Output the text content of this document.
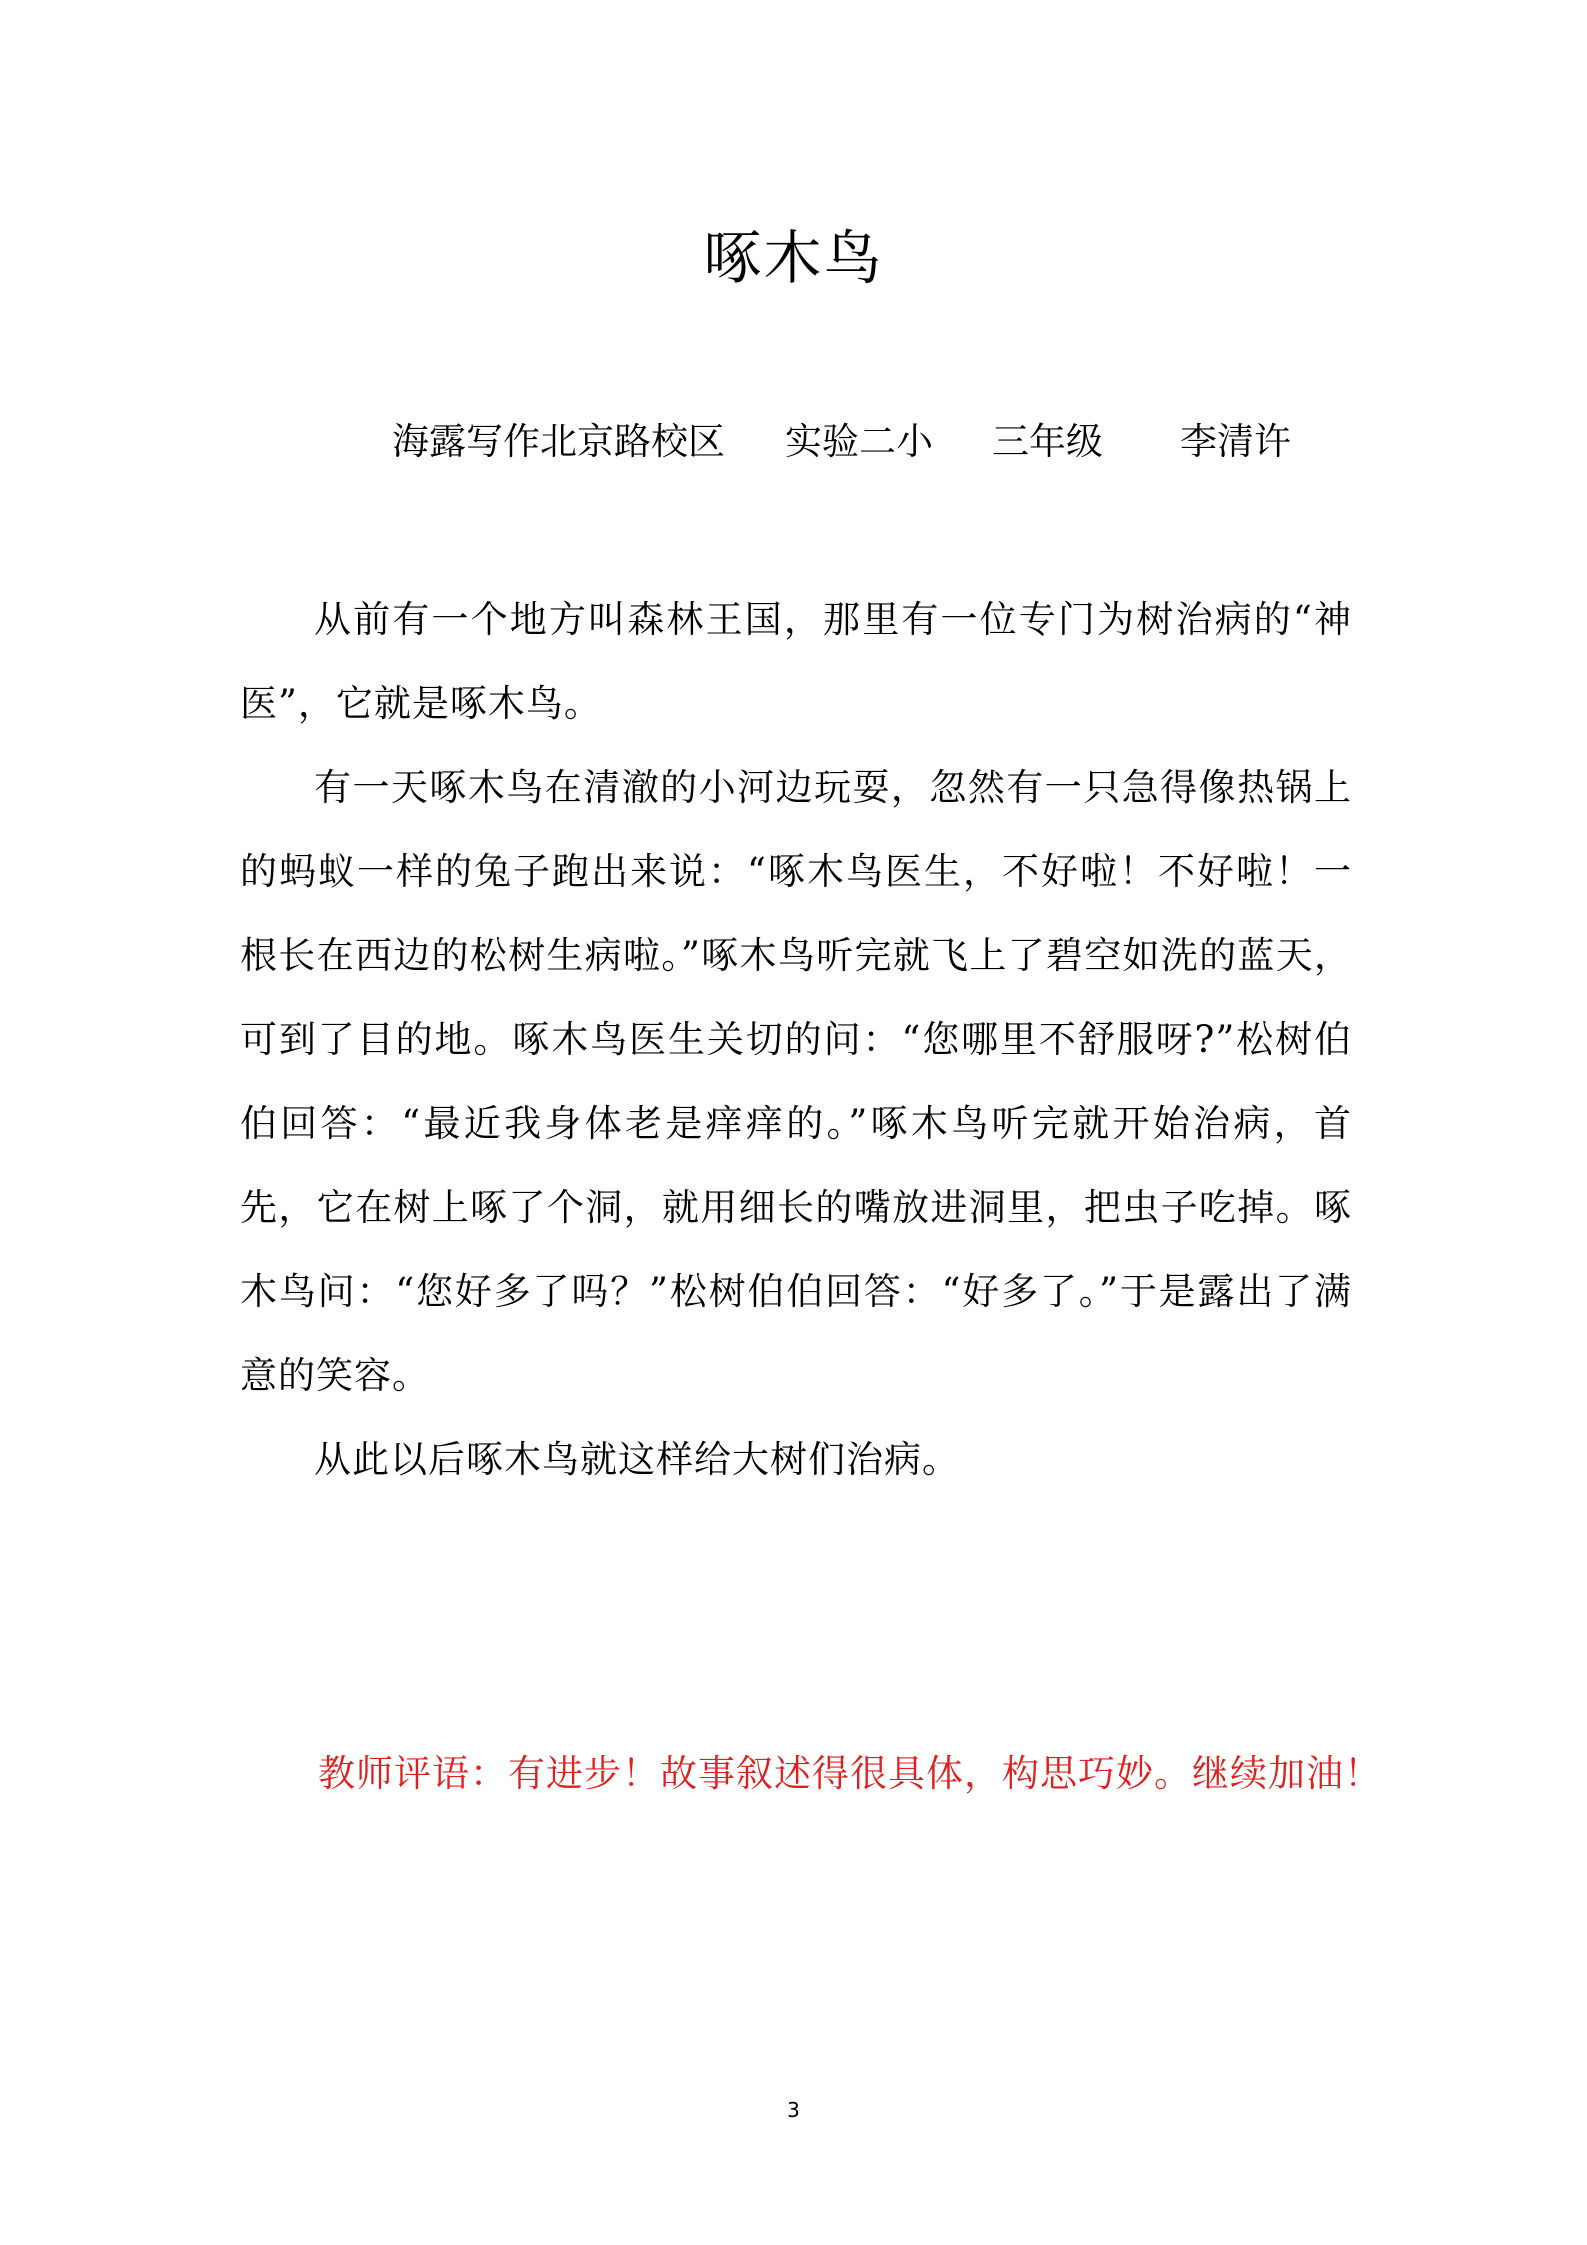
啄木鸟
海露写作北京路校区 实验二小 三年级 李清许

从前有一个地方叫森林王国，那里有一位专门为树治病的“神医”，它就是啄木鸟。

有一天啄木鸟在清澈的小河边玩耍，忽然有一只急得像热锅上的蚂蚁一样的兔子跑出来说：“啄木鸟医生，不好啦！不好啦！一根长在西边的松树生病啦。”啄木鸟听完就飞上了碧空如洗的蓝天，可到了目的地。啄木鸟医生关切的问：“您哪里不舒服呀?”松树伯伯回答：“最近我身体老是痒痒的。”啄木鸟听完就开始治病，首先，它在树上啄了个洞，就用细长的嘴放进洞里，把虫子吃掉。啄木鸟问：“您好多了吗？”松树伯伯回答：“好多了。”于是露出了满意的笑容。

从此以后啄木鸟就这样给大树们治病。

教师评语：有进步！故事叙述得很具体，构思巧妙。继续加油！
3
